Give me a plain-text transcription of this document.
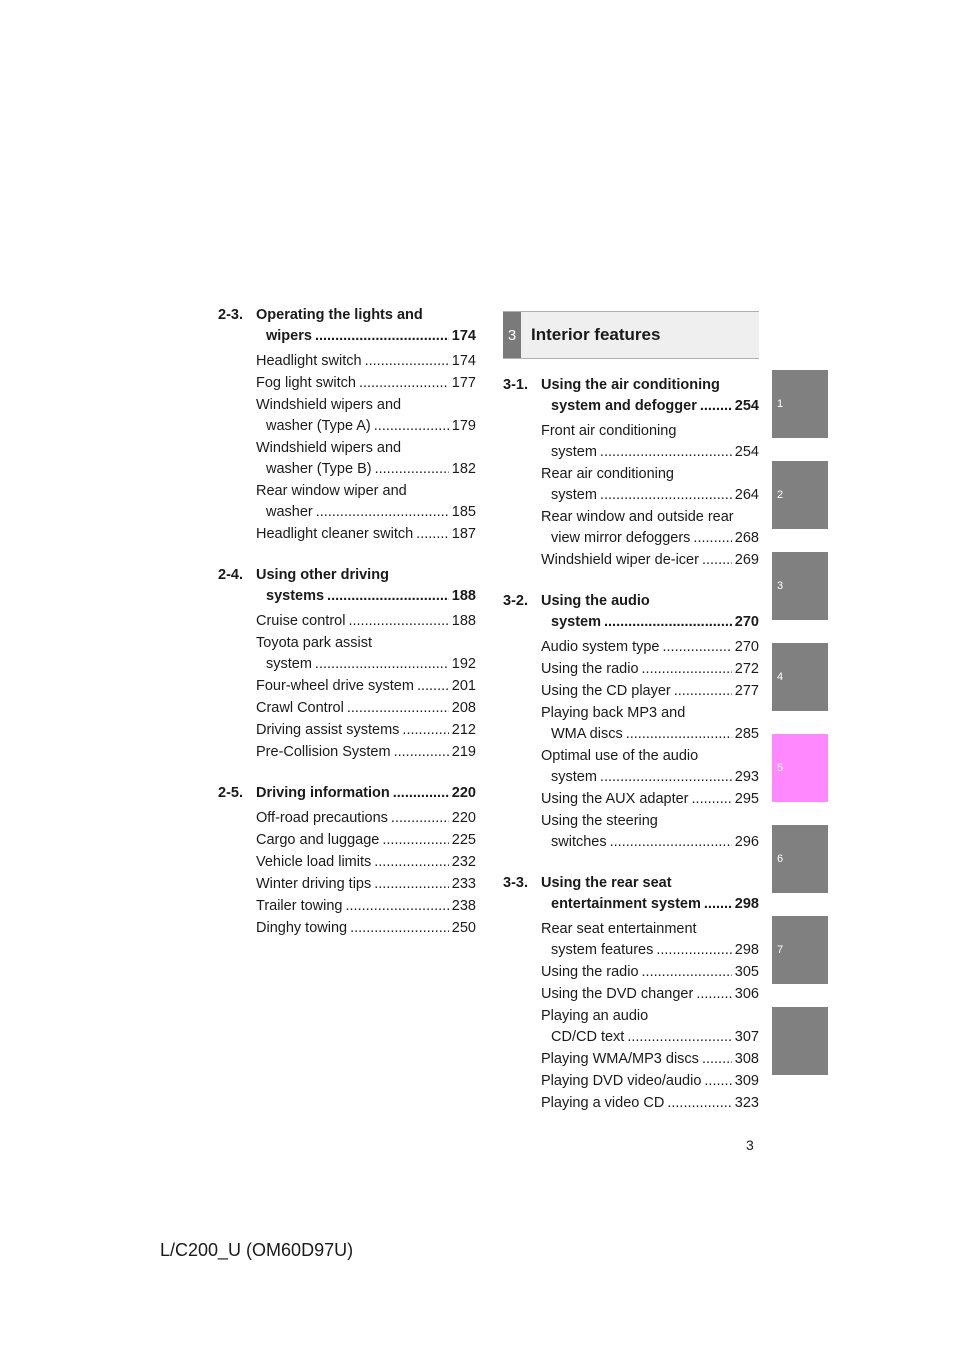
2-3. Operating the lights and
wipers .....	174
Headlight switch .....	174
Fog light switch .....	177
Windshield wipers and
washer (Type A) .....	179
Windshield wipers and
washer (Type B) .....	182
Rear window wiper and
washer .....	185
Headlight cleaner switch .....	187
2-4. Using other driving
systems .....	188
Cruise control .....	188
Toyota park assist
system .....	192
Four-wheel drive system .....	201
Crawl Control .....	208
Driving assist systems .....	212
Pre-Collision System .....	219
2-5. Driving information .....	220
Off-road precautions .....	220
Cargo and luggage .....	225
Vehicle load limits .....	232
Winter driving tips .....	233
Trailer towing .....	238
Dinghy towing .....	250
3 Interior features
3-1. Using the air conditioning
system and defogger .....	254
Front air conditioning
system .....	254
Rear air conditioning
system .....	264
Rear window and outside rear
view mirror defoggers .....	268
Windshield wiper de-icer ..... 269
3-2. Using the audio
system .....	270
Audio system type .....	270
Using the radio .....	272
Using the CD player .....	277
Playing back MP3 and
WMA discs .....	285
Optimal use of the audio
system .....	293
Using the AUX adapter .....	295
Using the steering
switches .....	296
3-3. Using the rear seat
entertainment system ..... 298
Rear seat entertainment
system features .....	298
Using the radio .....	305
Using the DVD changer .....	306
Playing an audio
CD/CD text .....	307
Playing WMA/MP3 discs ..... 308
Playing DVD video/audio ..... 309
Playing a video CD .....	323
1
2
3
4
5
6
7
3
L/C200_U (OM60D97U)
